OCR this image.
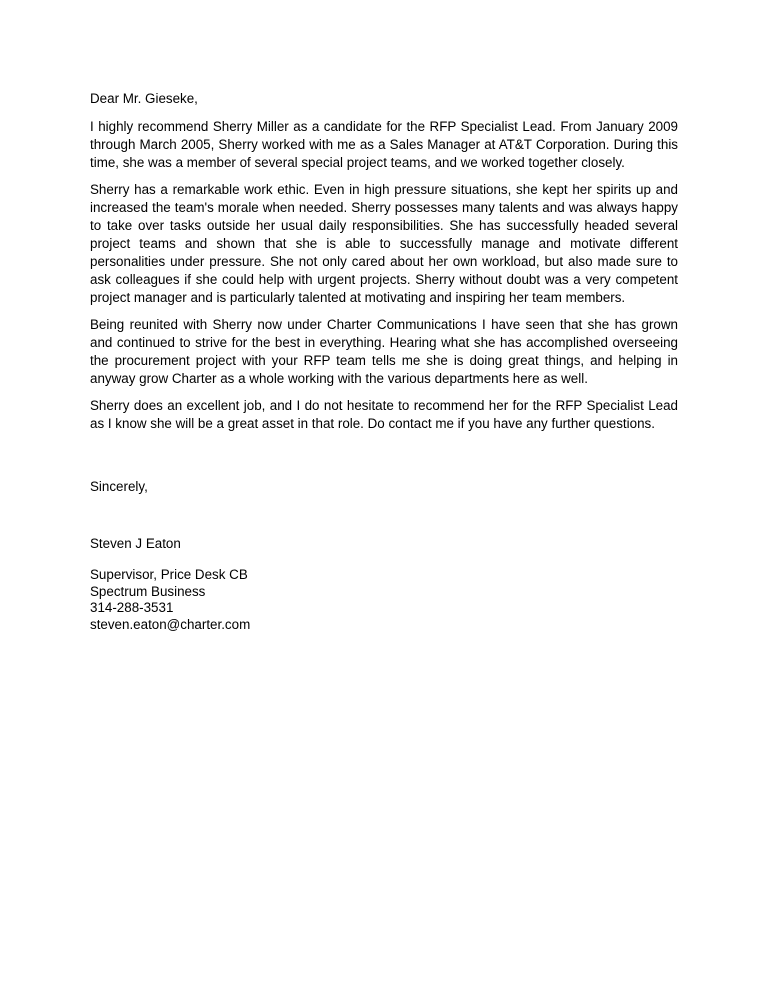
Dear Mr. Gieseke,

I highly recommend Sherry Miller as a candidate for the RFP Specialist Lead. From January 2009 through March 2005, Sherry worked with me as a Sales Manager at AT&T Corporation. During this time, she was a member of several special project teams, and we worked together closely.

Sherry has a remarkable work ethic. Even in high pressure situations, she kept her spirits up and increased the team's morale when needed. Sherry possesses many talents and was always happy to take over tasks outside her usual daily responsibilities. She has successfully headed several project teams and shown that she is able to successfully manage and motivate different personalities under pressure. She not only cared about her own workload, but also made sure to ask colleagues if she could help with urgent projects. Sherry without doubt was a very competent project manager and is particularly talented at motivating and inspiring her team members.

Being reunited with Sherry now under Charter Communications I have seen that she has grown and continued to strive for the best in everything. Hearing what she has accomplished overseeing the procurement project with your RFP team tells me she is doing great things, and helping in anyway grow Charter as a whole working with the various departments here as well.

Sherry does an excellent job, and I do not hesitate to recommend her for the RFP Specialist Lead as I know she will be a great asset in that role. Do contact me if you have any further questions.

Sincerely,
Steven J Eaton
Supervisor, Price Desk CB
Spectrum Business
314-288-3531
steven.eaton@charter.com
